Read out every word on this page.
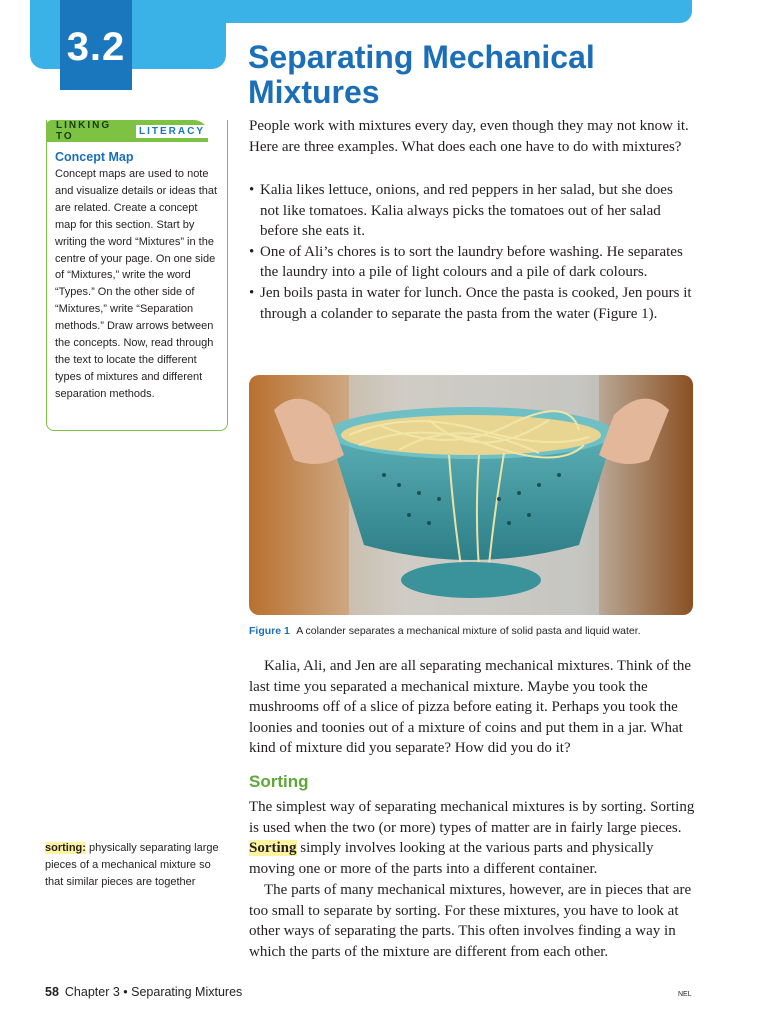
3.2	Separating Mechanical Mixtures
LINKING TO	LITERACY

Concept Map

Concept maps are used to note and visualize details or ideas that are related. Create a concept map for this section. Start by writing the word “Mixtures” in the centre of your page. On one side of “Mixtures,” write the word “Types.” On the other side of “Mixtures,” write “Separation methods.” Draw arrows between the concepts. Now, read through the text to locate the different types of mixtures and different separation methods.

People work with mixtures every day, even though they may not know it. Here are three examples. What does each one have to do with mixtures?

• Kalia likes lettuce, onions, and red peppers in her salad, but she does not like tomatoes. Kalia always picks the tomatoes out of her salad before she eats it.
• One of Ali’s chores is to sort the laundry before washing. He separates the laundry into a pile of light colours and a pile of dark colours.
• Jen boils pasta in water for lunch. Once the pasta is cooked, Jen pours it through a colander to separate the pasta from the water (Figure 1).
Figure 1 A colander separates a mechanical mixture of solid pasta and liquid water.

Kalia, Ali, and Jen are all separating mechanical mixtures. Think of the last time you separated a mechanical mixture. Maybe you took the mushrooms off of a slice of pizza before eating it. Perhaps you took the loonies and toonies out of a mixture of coins and put them in a jar. What kind of mixture did you separate? How did you do it?

Sorting

The simplest way of separating mechanical mixtures is by sorting. Sorting is used when the two (or more) types of matter are in fairly large pieces. Sorting simply involves looking at the various parts and physically moving one or more of the parts into a different container.

The parts of many mechanical mixtures, however, are in pieces that are too small to separate by sorting. For these mixtures, you have to look at other ways of separating the parts. This often involves finding a way in which the parts of the mixture are different from each other.

sorting: physically separating large pieces of a mechanical mixture so that similar pieces are together
58 Chapter 3 • Separating Mixtures	NEL
